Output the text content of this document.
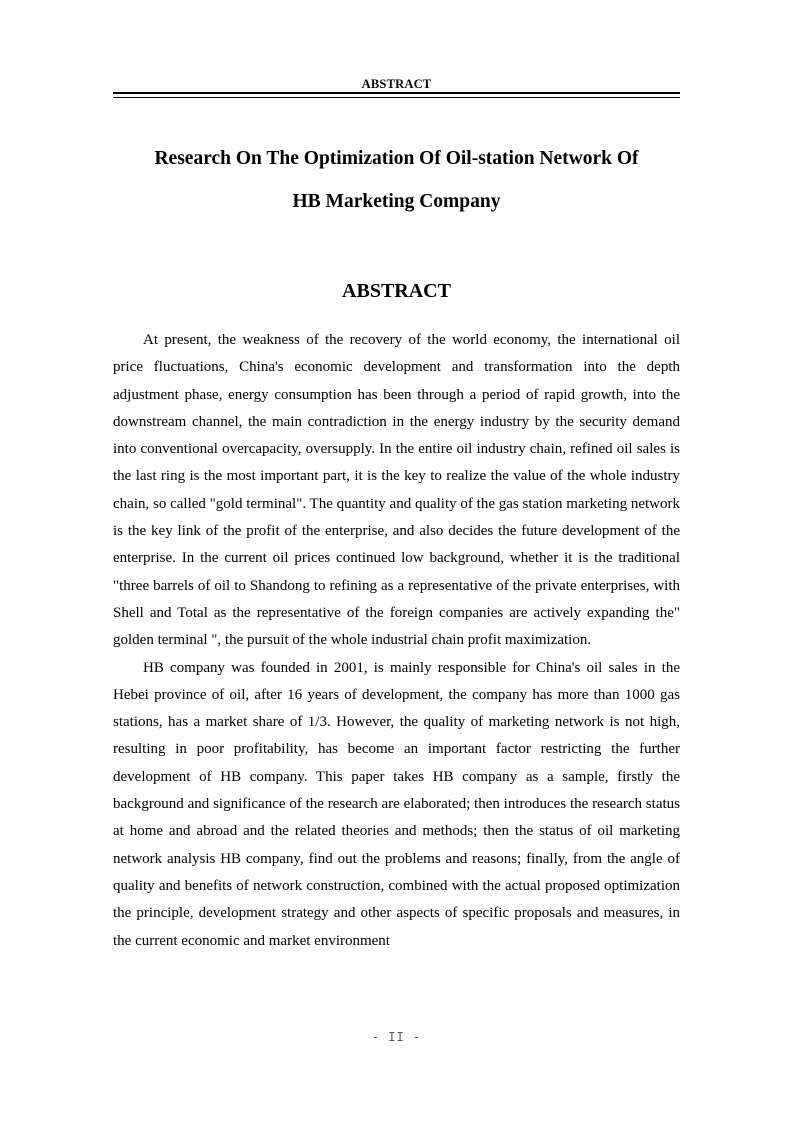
ABSTRACT
Research On The Optimization Of Oil-station Network Of
HB Marketing Company
ABSTRACT

At present, the weakness of the recovery of the world economy, the international oil price fluctuations, China's economic development and transformation into the depth adjustment phase, energy consumption has been through a period of rapid growth, into the downstream channel, the main contradiction in the energy industry by the security demand into conventional overcapacity, oversupply. In the entire oil industry chain, refined oil sales is the last ring is the most important part, it is the key to realize the value of the whole industry chain, so called "gold terminal". The quantity and quality of the gas station marketing network is the key link of the profit of the enterprise, and also decides the future development of the enterprise. In the current oil prices continued low background, whether it is the traditional "three barrels of oil to Shandong to refining as a representative of the private enterprises, with Shell and Total as the representative of the foreign companies are actively expanding the" golden terminal ", the pursuit of the whole industrial chain profit maximization.

HB company was founded in 2001, is mainly responsible for China's oil sales in the Hebei province of oil, after 16 years of development, the company has more than 1000 gas stations, has a market share of 1/3. However, the quality of marketing network is not high, resulting in poor profitability, has become an important factor restricting the further development of HB company. This paper takes HB company as a sample, firstly the background and significance of the research are elaborated; then introduces the research status at home and abroad and the related theories and methods; then the status of oil marketing network analysis HB company, find out the problems and reasons; finally, from the angle of quality and benefits of network construction, combined with the actual proposed optimization the principle, development strategy and other aspects of specific proposals and measures, in the current economic and market environment

- II -
